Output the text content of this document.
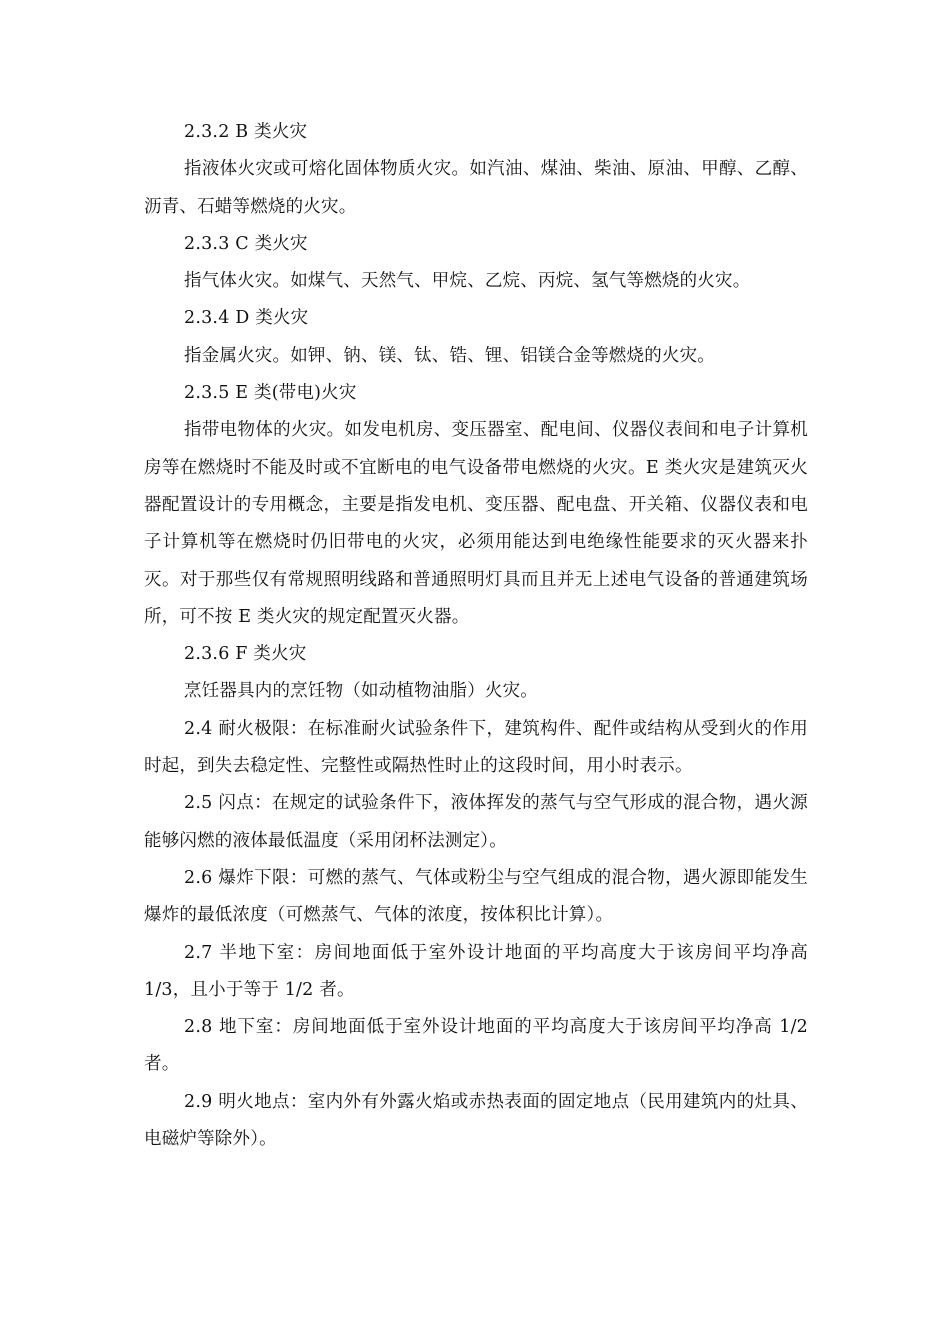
2.3.2 B 类火灾

指液体火灾或可熔化固体物质火灾。如汽油、煤油、柴油、原油、甲醇、乙醇、沥青、石蜡等燃烧的火灾。

2.3.3 C 类火灾

指气体火灾。如煤气、天然气、甲烷、乙烷、丙烷、氢气等燃烧的火灾。

2.3.4 D 类火灾

指金属火灾。如钾、钠、镁、钛、锆、锂、铝镁合金等燃烧的火灾。

2.3.5 E 类(带电)火灾

指带电物体的火灾。如发电机房、变压器室、配电间、仪器仪表间和电子计算机房等在燃烧时不能及时或不宜断电的电气设备带电燃烧的火灾。E 类火灾是建筑灭火器配置设计的专用概念，主要是指发电机、变压器、配电盘、开关箱、仪器仪表和电子计算机等在燃烧时仍旧带电的火灾，必须用能达到电绝缘性能要求的灭火器来扑灭。对于那些仅有常规照明线路和普通照明灯具而且并无上述电气设备的普通建筑场所，可不按 E 类火灾的规定配置灭火器。

2.3.6 F 类火灾

烹饪器具内的烹饪物（如动植物油脂）火灾。

2.4 耐火极限：在标准耐火试验条件下，建筑构件、配件或结构从受到火的作用时起，到失去稳定性、完整性或隔热性时止的这段时间，用小时表示。

2.5 闪点：在规定的试验条件下，液体挥发的蒸气与空气形成的混合物，遇火源能够闪燃的液体最低温度（采用闭杯法测定）。

2.6 爆炸下限：可燃的蒸气、气体或粉尘与空气组成的混合物，遇火源即能发生爆炸的最低浓度（可燃蒸气、气体的浓度，按体积比计算）。

2.7 半地下室：房间地面低于室外设计地面的平均高度大于该房间平均净高 1/3，且小于等于 1/2 者。

2.8 地下室：房间地面低于室外设计地面的平均高度大于该房间平均净高 1/2 者。

2.9 明火地点：室内外有外露火焰或赤热表面的固定地点（民用建筑内的灶具、电磁炉等除外）。
